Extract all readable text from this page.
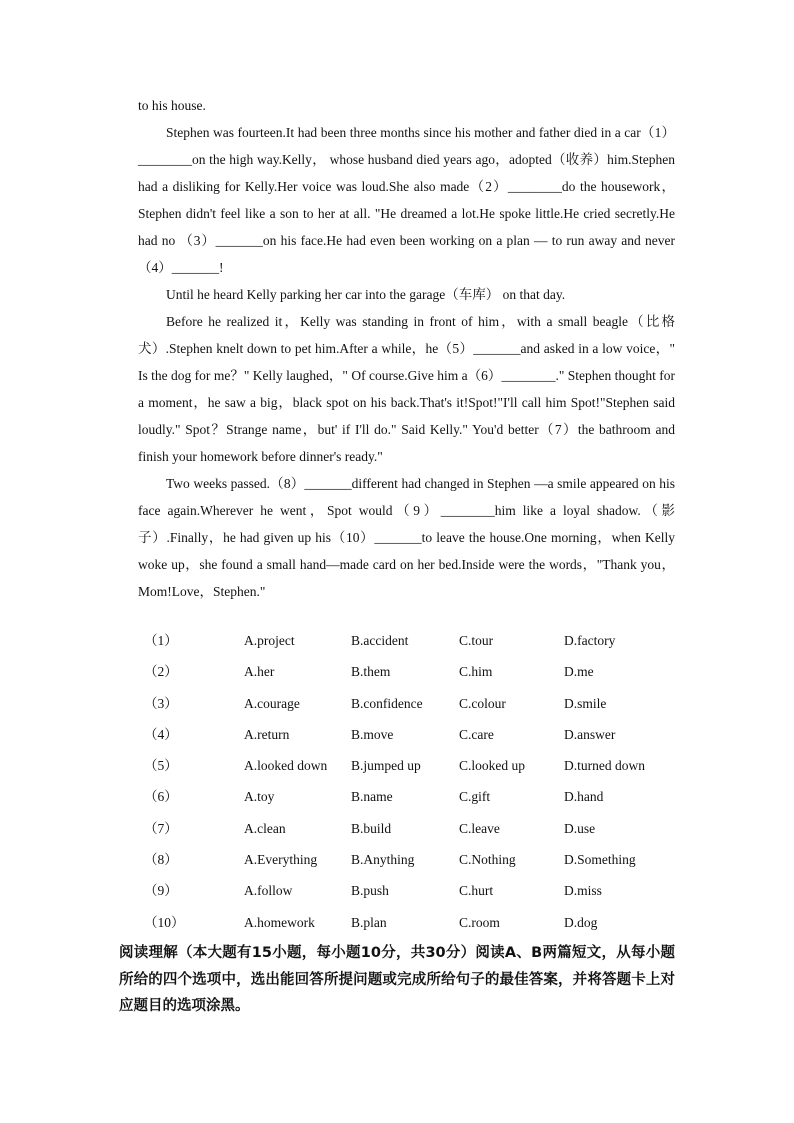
to his house.

Stephen was fourteen.It had been three months since his mother and father died in a car（1）________on the high way.Kelly， whose husband died years ago，adopted（收养）him.Stephen had a disliking for Kelly.Her voice was loud.She also made（2）________do the housework，Stephen didn't feel like a son to her at all. "He dreamed a lot.He spoke little.He cried secretly.He had no （3）_______on his face.He had even been working on a plan — to run away and never（4）_______!

Until he heard Kelly parking her car into the garage（车库） on that day.

Before he realized it，Kelly was standing in front of him，with a small beagle（比格犬）.Stephen knelt down to pet him.After a while，he（5）_______and asked in a low voice，" Is the dog for me？" Kelly laughed，" Of course.Give him a（6）________." Stephen thought for a moment，he saw a big，black spot on his back.That's it!Spot!"I'll call him Spot!"Stephen said loudly." Spot？Strange name，but' if I'll do." Said Kelly." You'd better（7）the bathroom and finish your homework before dinner's ready."

Two weeks passed.（8）_______different had changed in Stephen —a smile appeared on his face again.Wherever he went，Spot would（9）________him like a loyal shadow.（影子）.Finally，he had given up his（10）_______to leave the house.One morning，when Kelly woke up，she found a small hand—made card on her bed.Inside were the words，"Thank you，Mom!Love，Stephen."

（1）	A.project	B.accident	C.tour	D.factory
（2）	A.her	B.them	C.him	D.me
（3）	A.courage	B.confidence	C.colour	D.smile
（4）	A.return	B.move	C.care	D.answer
（5）	A.looked down B.jumped up	C.looked up	D.turned down
（6）	A.toy	B.name	C.gift	D.hand
（7）	A.clean	B.build	C.leave	D.use
（8）	A.Everything	B.Anything	C.Nothing	D.Something
（9）	A.follow	B.push	C.hurt	D.miss
（10）	A.homework	B.plan	C.room	D.dog

阅读理解（本大题有15小题，每小题10分，共30分）阅读A、B两篇短文，从每小题所给的四个选项中，选出能回答所提问题或完成所给句子的最佳答案，并将答题卡上对应题目的选项涂黑。
